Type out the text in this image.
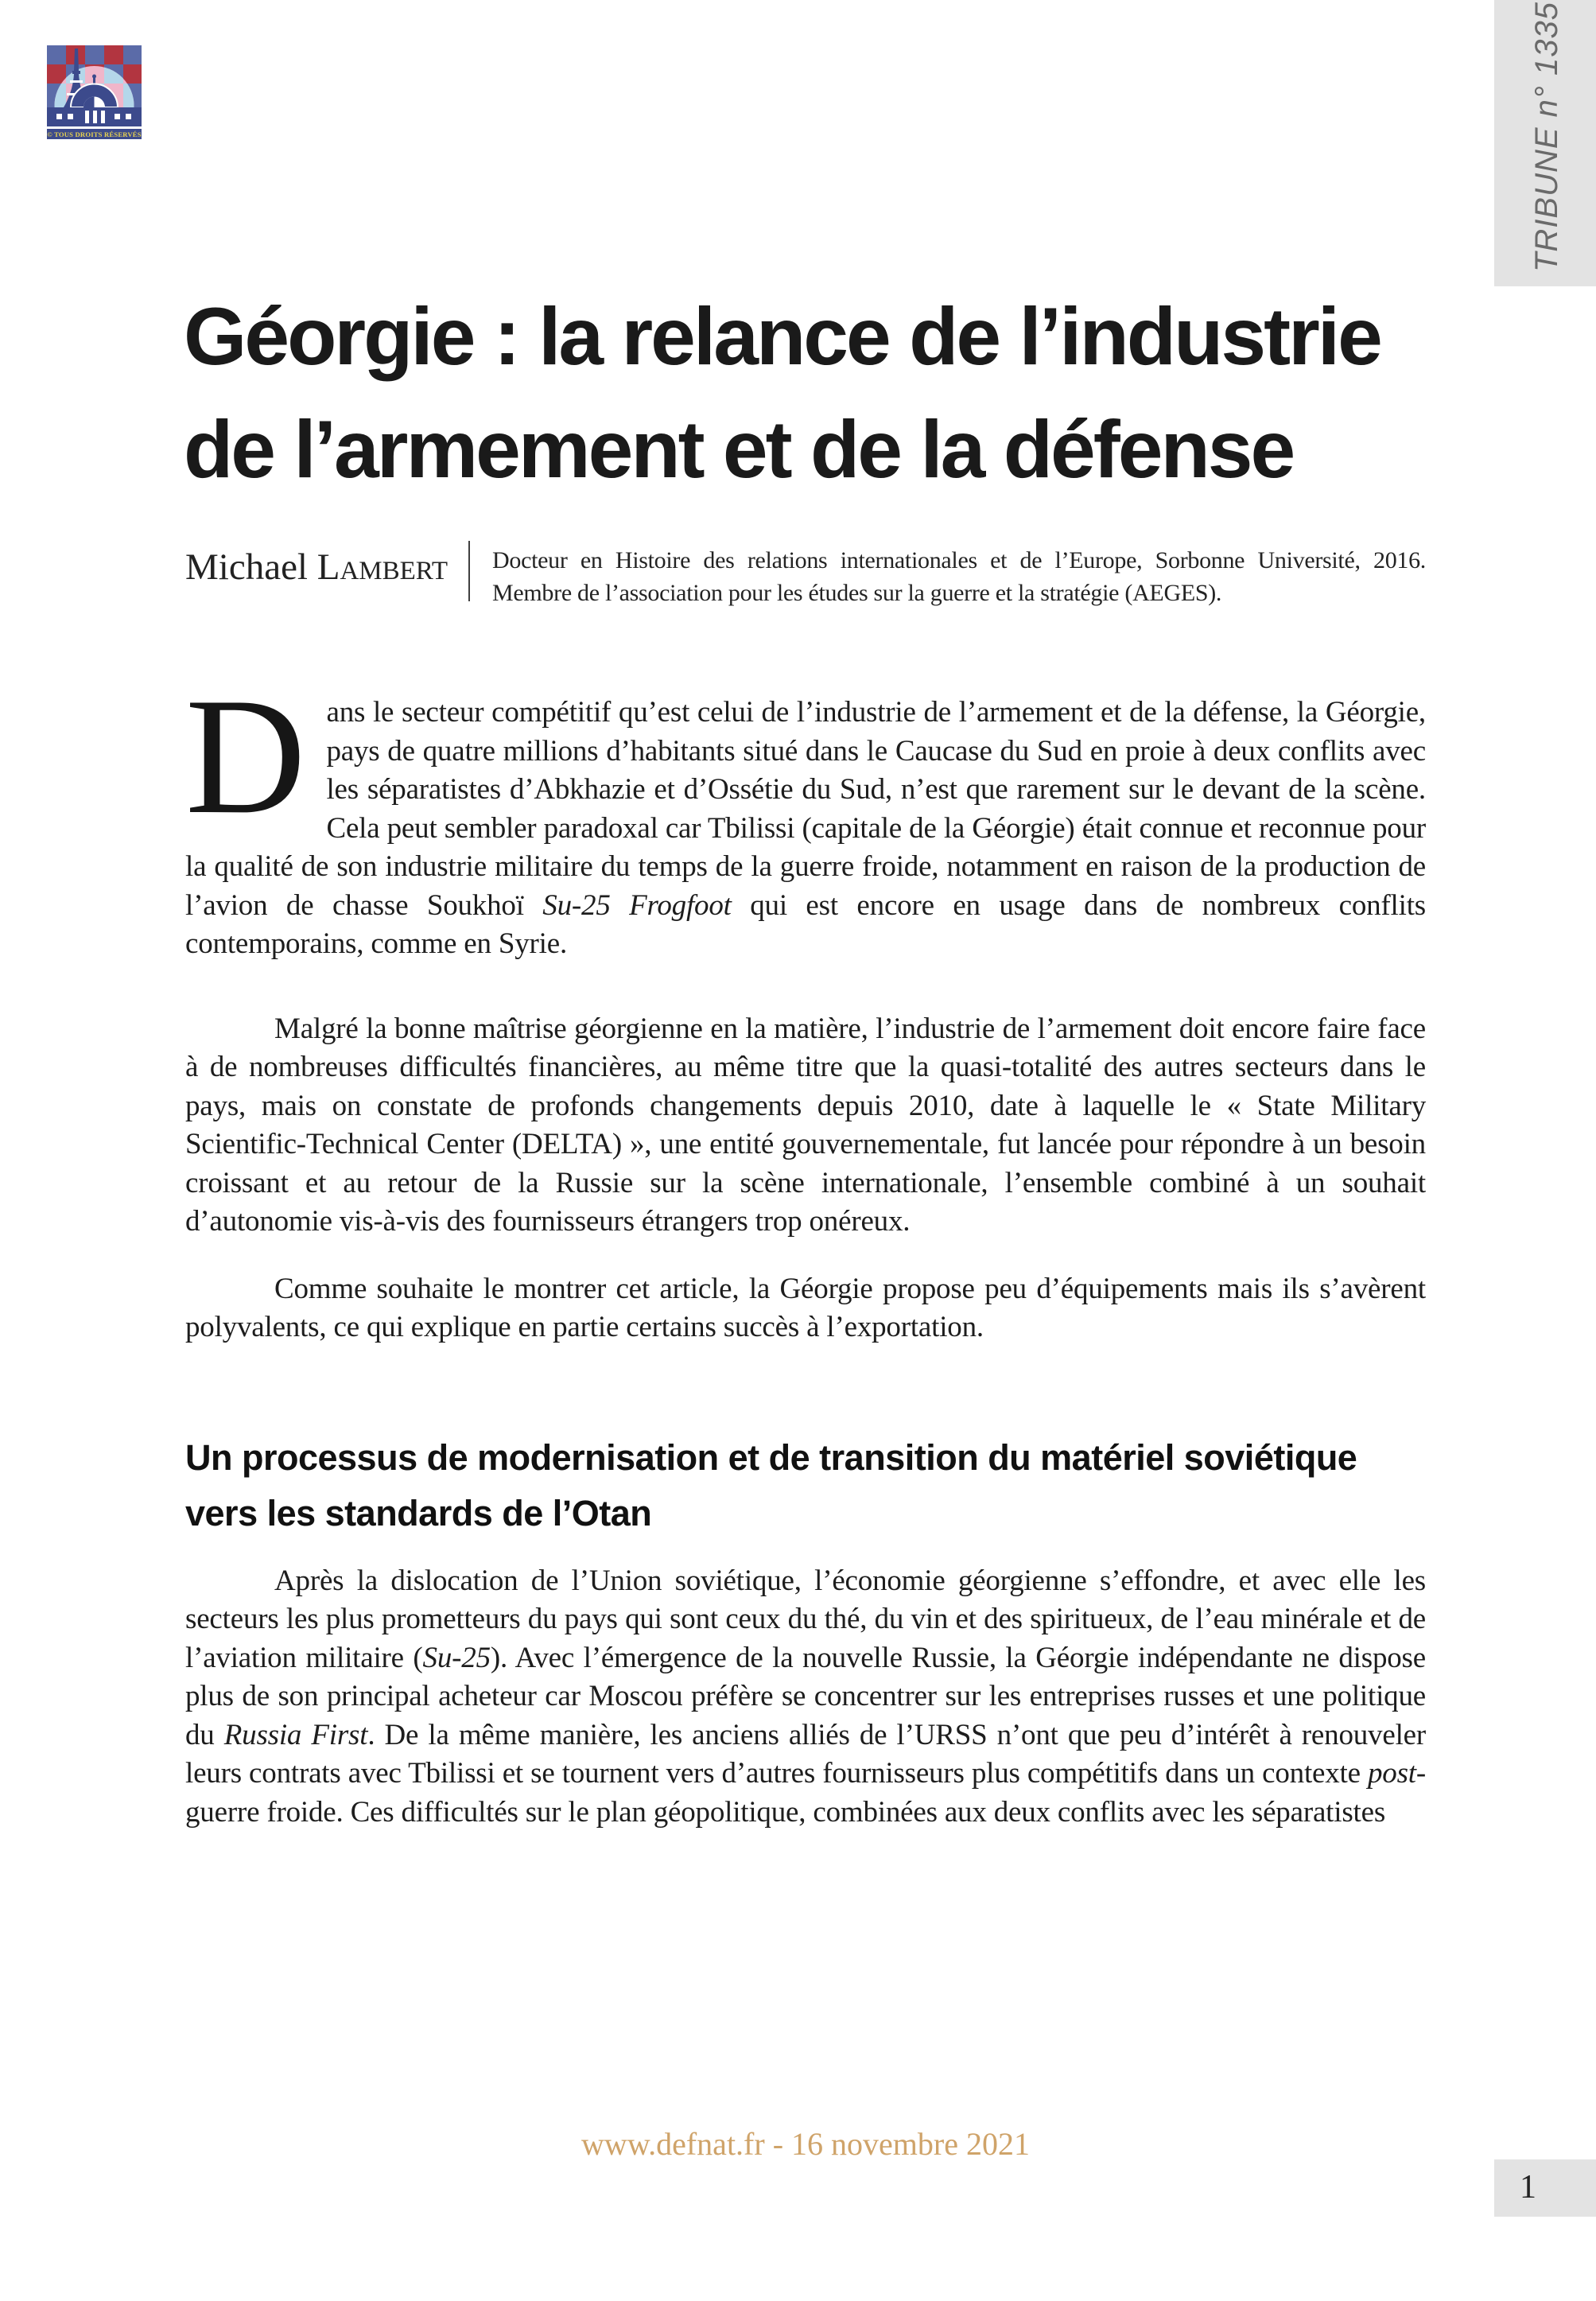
TRIBUNE n° 1335
© TOUS DROITS RÉSERVÉS
Géorgie : la relance de l’industrie
de l’armement et de la défense
Michael Lambert	Docteur en Histoire des relations internationales et de l’Europe, Sorbonne Université, 2016. Membre de l’association pour les études sur la guerre et la stratégie (AEGES).

Dans le secteur compétitif qu’est celui de l’industrie de l’armement et de la défense, la Géorgie, pays de quatre millions d’habitants situé dans le Caucase du Sud en proie à deux conflits avec les séparatistes d’Abkhazie et d’Ossétie du Sud, n’est que rarement sur le devant de la scène. Cela peut sembler paradoxal car Tbilissi (capitale de la Géorgie) était connue et reconnue pour la qualité de son industrie militaire du temps de la guerre froide, notamment en raison de la production de l’avion de chasse Soukhoï Su-25 Frogfoot qui est encore en usage dans de nombreux conflits contemporains, comme en Syrie.

Malgré la bonne maîtrise géorgienne en la matière, l’industrie de l’armement doit encore faire face à de nombreuses difficultés financières, au même titre que la quasi-totalité des autres secteurs dans le pays, mais on constate de profonds changements depuis 2010, date à laquelle le « State Military Scientific-Technical Center (DELTA) », une entité gouvernementale, fut lancée pour répondre à un besoin croissant et au retour de la Russie sur la scène internationale, l’ensemble combiné à un souhait d’autonomie vis-à-vis des fournisseurs étrangers trop onéreux.

Comme souhaite le montrer cet article, la Géorgie propose peu d’équipements mais ils s’avèrent polyvalents, ce qui explique en partie certains succès à l’exportation.

Un processus de modernisation et de transition du matériel soviétique
vers les standards de l’Otan

Après la dislocation de l’Union soviétique, l’économie géorgienne s’effondre, et avec elle les secteurs les plus prometteurs du pays qui sont ceux du thé, du vin et des spiritueux, de l’eau minérale et de l’aviation militaire (Su-25). Avec l’émergence de la nouvelle Russie, la Géorgie indépendante ne dispose plus de son principal acheteur car Moscou préfère se concentrer sur les entreprises russes et une politique du Russia First. De la même manière, les anciens alliés de l’URSS n’ont que peu d’intérêt à renouveler leurs contrats avec Tbilissi et se tournent vers d’autres fournisseurs plus compétitifs dans un contexte post-guerre froide. Ces difficultés sur le plan géopolitique, combinées aux deux conflits avec les séparatistes

www.defnat.fr - 16 novembre 2021
1
